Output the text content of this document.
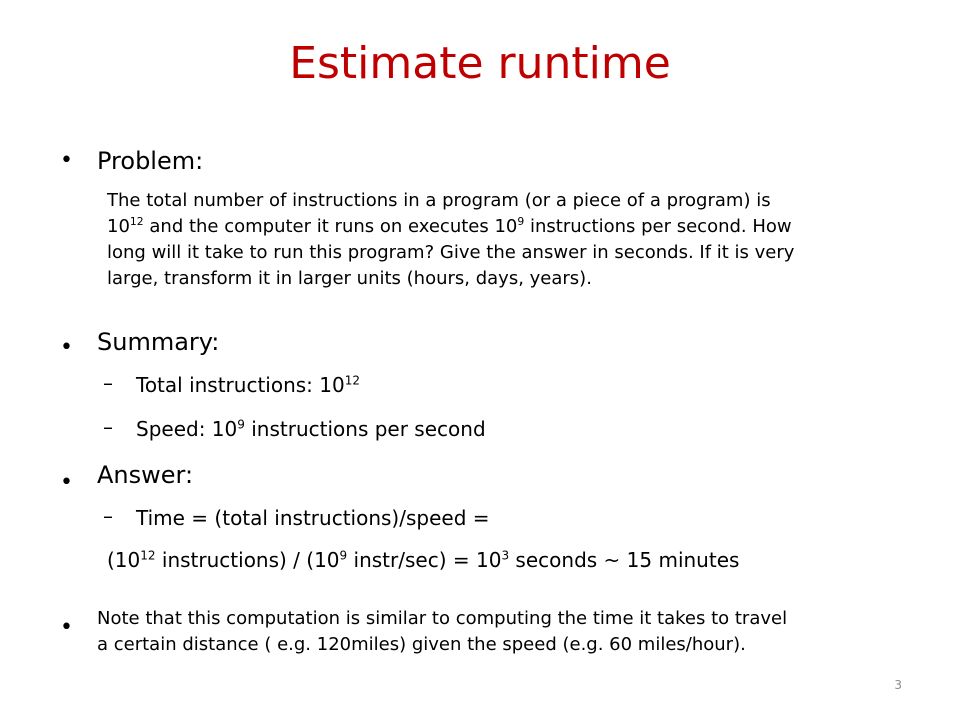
Estimate runtime
•
Problem:
The total number of instructions in a program (or a piece of a program) is
$10^{12}$ and the computer it runs on executes $10^9$ instructions per second. How
long will it take to run this program? Give the answer in seconds. If it is very
large, transform it in larger units (hours, days, years).
•
Summary:
– Total instructions: $10^{12}$
– Speed: $10^9$ instructions per second
•
Answer:
– Time = (total instructions)/speed =
($10^{12}$ instructions) / ($10^9$ instr/sec) = $10^3$ seconds ~ 15 minutes
•
Note that this computation is similar to computing the time it takes to travel
a certain distance ( e.g. 120miles) given the speed (e.g. 60 miles/hour).
3
